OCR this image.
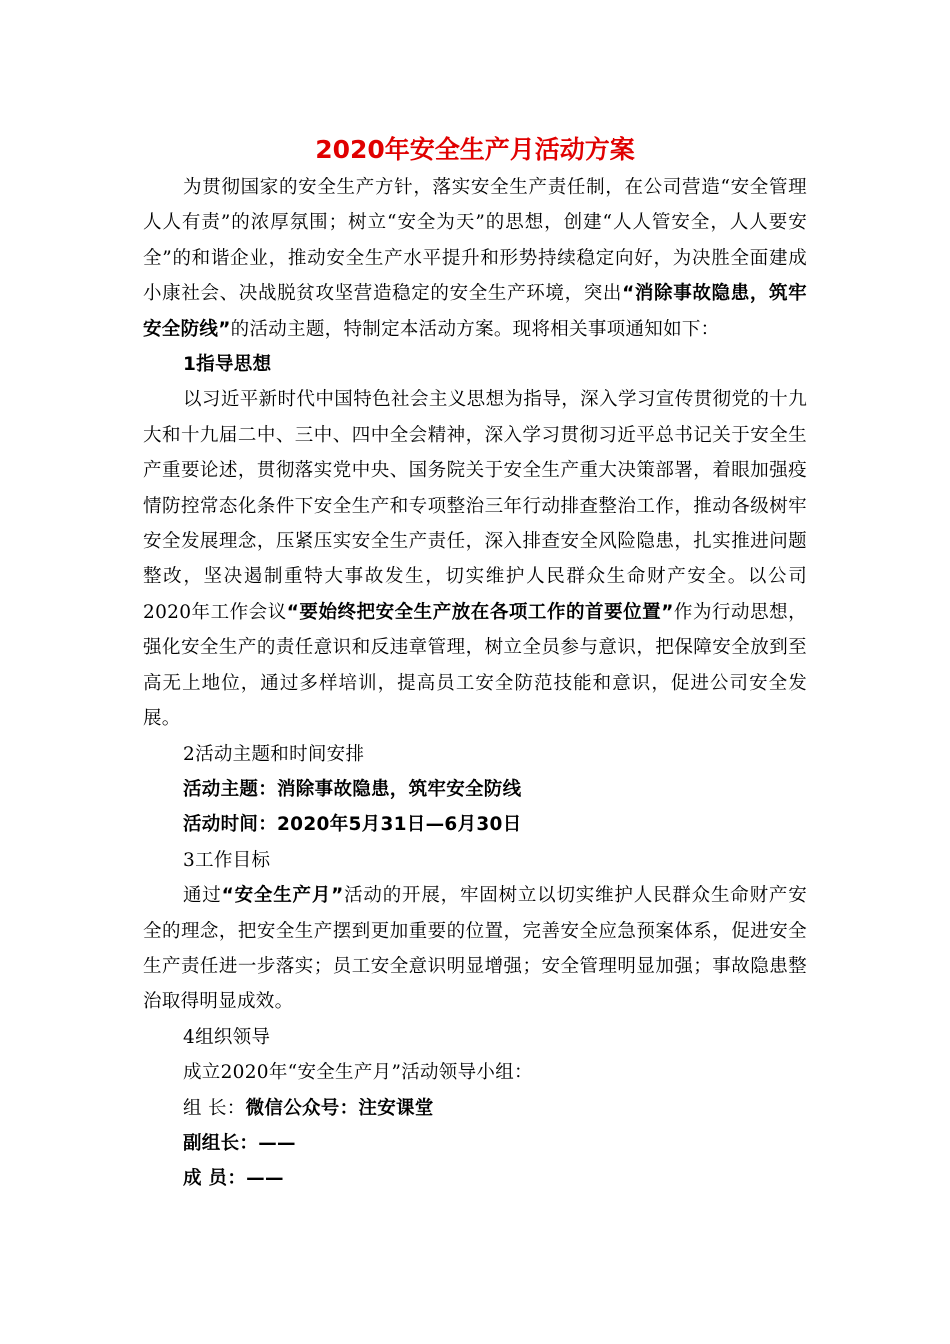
2020年安全生产月活动方案

为贯彻国家的安全生产方针，落实安全生产责任制，在公司营造“安全管理人人有责”的浓厚氛围；树立“安全为天”的思想，创建“人人管安全，人人要安全”的和谐企业，推动安全生产水平提升和形势持续稳定向好，为决胜全面建成小康社会、决战脱贫攻坚营造稳定的安全生产环境，突出“消除事故隐患，筑牢安全防线”的活动主题，特制定本活动方案。现将相关事项通知如下：

1指导思想

以习近平新时代中国特色社会主义思想为指导，深入学习宣传贯彻党的十九大和十九届二中、三中、四中全会精神，深入学习贯彻习近平总书记关于安全生产重要论述，贯彻落实党中央、国务院关于安全生产重大决策部署，着眼加强疫情防控常态化条件下安全生产和专项整治三年行动排查整治工作，推动各级树牢安全发展理念，压紧压实安全生产责任，深入排查安全风险隐患，扎实推进问题整改，坚决遏制重特大事故发生，切实维护人民群众生命财产安全。以公司2020年工作会议“要始终把安全生产放在各项工作的首要位置”作为行动思想，强化安全生产的责任意识和反违章管理，树立全员参与意识，把保障安全放到至高无上地位，通过多样培训，提高员工安全防范技能和意识，促进公司安全发展。

2活动主题和时间安排

活动主题：消除事故隐患，筑牢安全防线

活动时间：2020年5月31日—6月30日

3工作目标

通过“安全生产月”活动的开展，牢固树立以切实维护人民群众生命财产安全的理念，把安全生产摆到更加重要的位置，完善安全应急预案体系，促进安全生产责任进一步落实；员工安全意识明显增强；安全管理明显加强；事故隐患整治取得明显成效。

4组织领导

成立2020年“安全生产月”活动领导小组：

组 长：微信公众号：注安课堂

副组长：——

成 员：——
